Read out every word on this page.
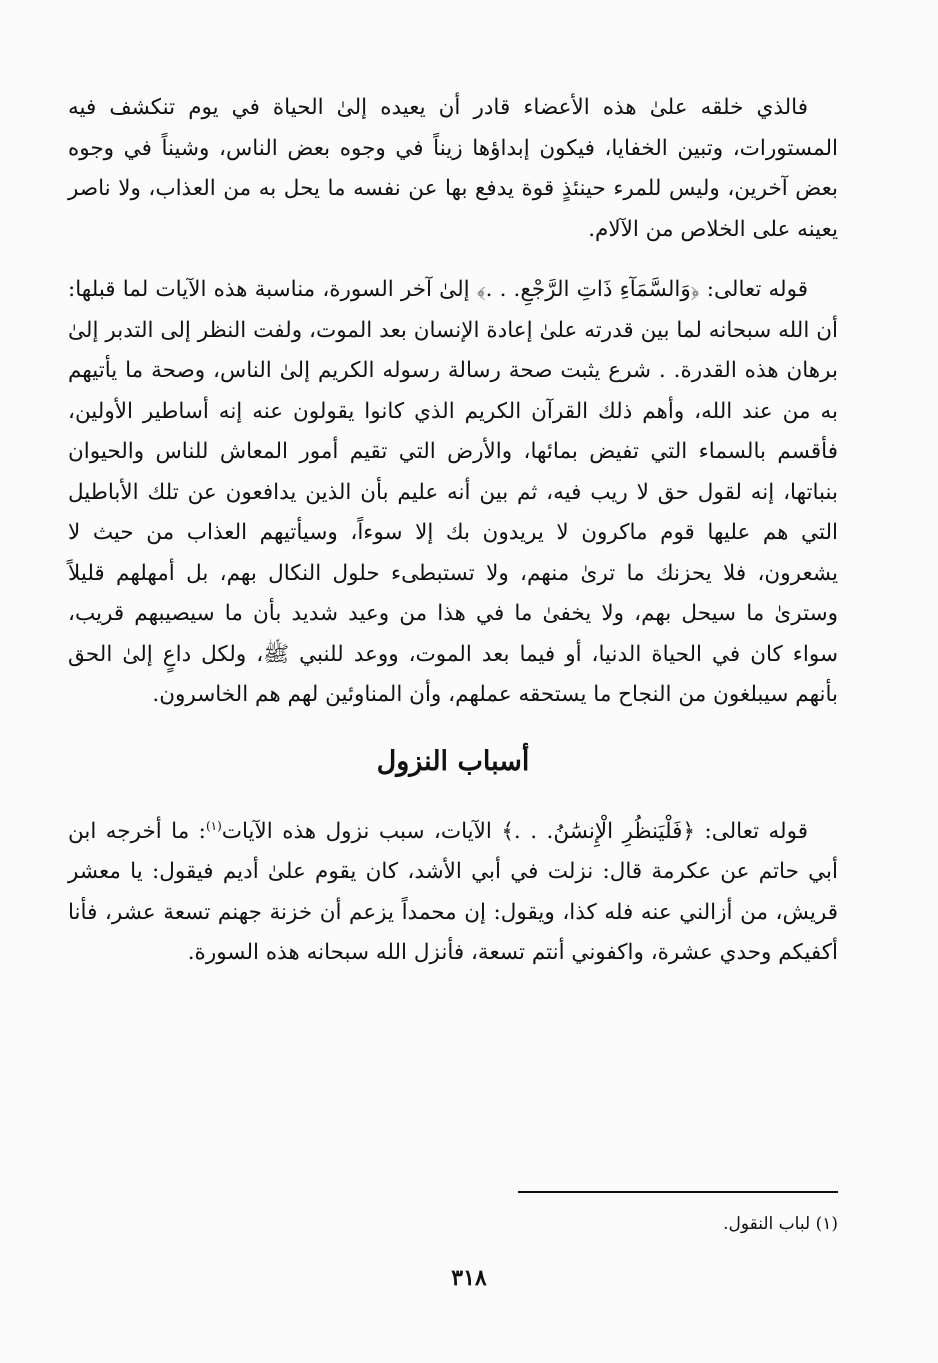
فالذي خلقه علىٰ هذه الأعضاء قادر أن يعيده إلىٰ الحياة في يوم تنكشف فيه المستورات، وتبين الخفايا، فيكون إبداؤها زيناً في وجوه بعض الناس، وشيناً في وجوه بعض آخرين، وليس للمرء حينئذٍ قوة يدفع بها عن نفسه ما يحل به من العذاب، ولا ناصر يعينه على الخلاص من الآلام.

قوله تعالى: ﴿وَالسَّمَآءِ ذَاتِ الرَّجْعِ. . .﴾ إلىٰ آخر السورة، مناسبة هذه الآيات لما قبلها: أن الله سبحانه لما بين قدرته علىٰ إعادة الإنسان بعد الموت، ولفت النظر إلى التدبر إلىٰ برهان هذه القدرة. . شرع يثبت صحة رسالة رسوله الكريم إلىٰ الناس، وصحة ما يأتيهم به من عند الله، وأهم ذلك القرآن الكريم الذي كانوا يقولون عنه إنه أساطير الأولين، فأقسم بالسماء التي تفيض بمائها، والأرض التي تقيم أمور المعاش للناس والحيوان بنباتها، إنه لقول حق لا ريب فيه، ثم بين أنه عليم بأن الذين يدافعون عن تلك الأباطيل التي هم عليها قوم ماكرون لا يريدون بك إلا سوءاً، وسيأتيهم العذاب من حيث لا يشعرون، فلا يحزنك ما ترىٰ منهم، ولا تستبطىء حلول النكال بهم، بل أمهلهم قليلاً وسترىٰ ما سيحل بهم، ولا يخفىٰ ما في هذا من وعيد شديد بأن ما سيصيبهم قريب، سواء كان في الحياة الدنيا، أو فيما بعد الموت، ووعد للنبي ﷺ، ولكل داعٍ إلىٰ الحق بأنهم سيبلغون من النجاح ما يستحقه عملهم، وأن المناوئين لهم هم الخاسرون.

أسباب النزول

قوله تعالى: ﴿فَلْيَنظُرِ الْإِنسَٰنُ. . .﴾ الآيات، سبب نزول هذه الآيات$^{(١)}$: ما أخرجه ابن أبي حاتم عن عكرمة قال: نزلت في أبي الأشد، كان يقوم علىٰ أديم فيقول: يا معشر قريش، من أزالني عنه فله كذا، ويقول: إن محمداً يزعم أن خزنة جهنم تسعة عشر، فأنا أكفيكم وحدي عشرة، واكفوني أنتم تسعة، فأنزل الله سبحانه هذه السورة.

(١) لباب النقول.
٣١٨
